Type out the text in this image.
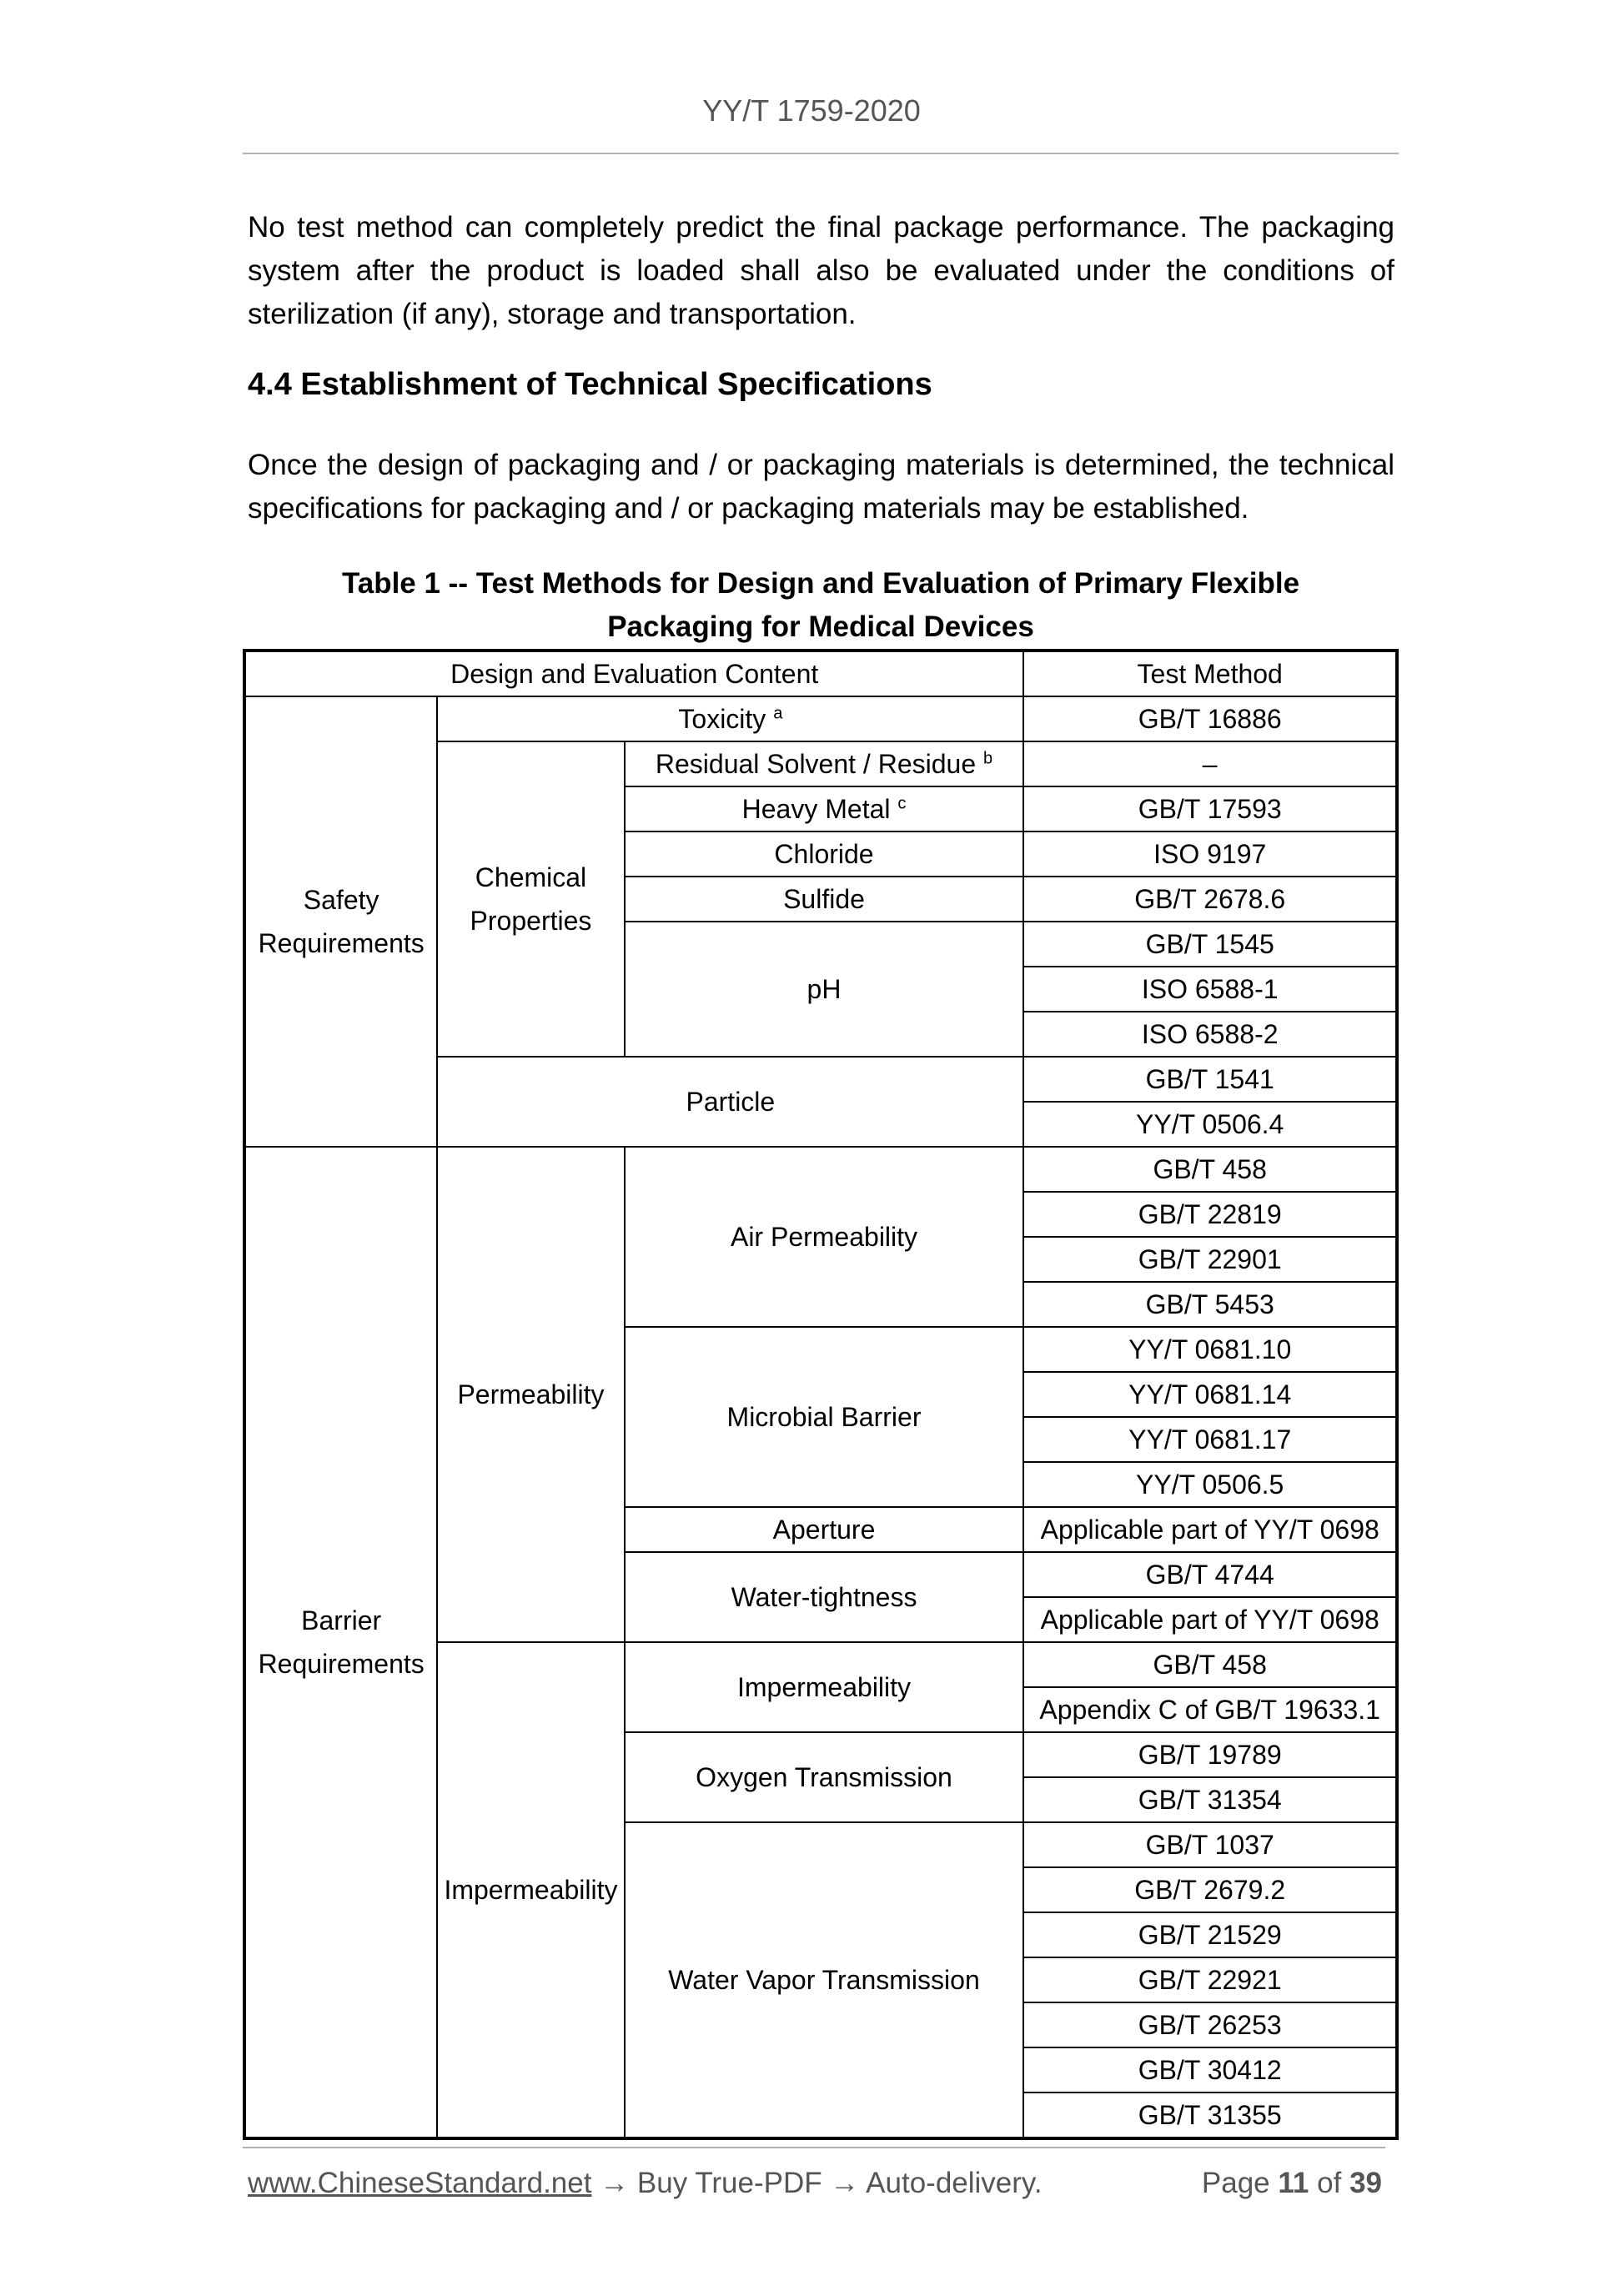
YY/T 1759-2020
No test method can completely predict the final package performance. The packaging system after the product is loaded shall also be evaluated under the conditions of sterilization (if any), storage and transportation.
4.4 Establishment of Technical Specifications
Once the design of packaging and / or packaging materials is determined, the technical specifications for packaging and / or packaging materials may be established.
Table 1 -- Test Methods for Design and Evaluation of Primary Flexible
Packaging for Medical Devices
Design and Evaluation Content			Test Method

Safety
Requirements	Toxicity $^a$		GB/T 16886

	Chemical
Properties	Residual Solvent / Residue $^b$	–
		Heavy Metal $^c$	GB/T 17593
		Chloride	ISO 9197
		Sulfide	GB/T 2678.6
		pH	GB/T 1545
			ISO 6588-1
			ISO 6588-2
	Particle		GB/T 1541
			YY/T 0506.4

Barrier
Requirements	Permeability	Air Permeability	GB/T 458
			GB/T 22819
			GB/T 22901
			GB/T 5453
		Microbial Barrier	YY/T 0681.10
			YY/T 0681.14
			YY/T 0681.17
			YY/T 0506.5
		Aperture	Applicable part of YY/T 0698
		Water-tightness	GB/T 4744
			Applicable part of YY/T 0698
	Impermeability	Impermeability	GB/T 458
			Appendix C of GB/T 19633.1
		Oxygen Transmission	GB/T 19789
			GB/T 31354
		Water Vapor Transmission	GB/T 1037
			GB/T 2679.2
			GB/T 21529
			GB/T 22921
			GB/T 26253
			GB/T 30412
			GB/T 31355
www.ChineseStandard.net → Buy True-PDF → Auto-delivery.	Page 11 of 39
